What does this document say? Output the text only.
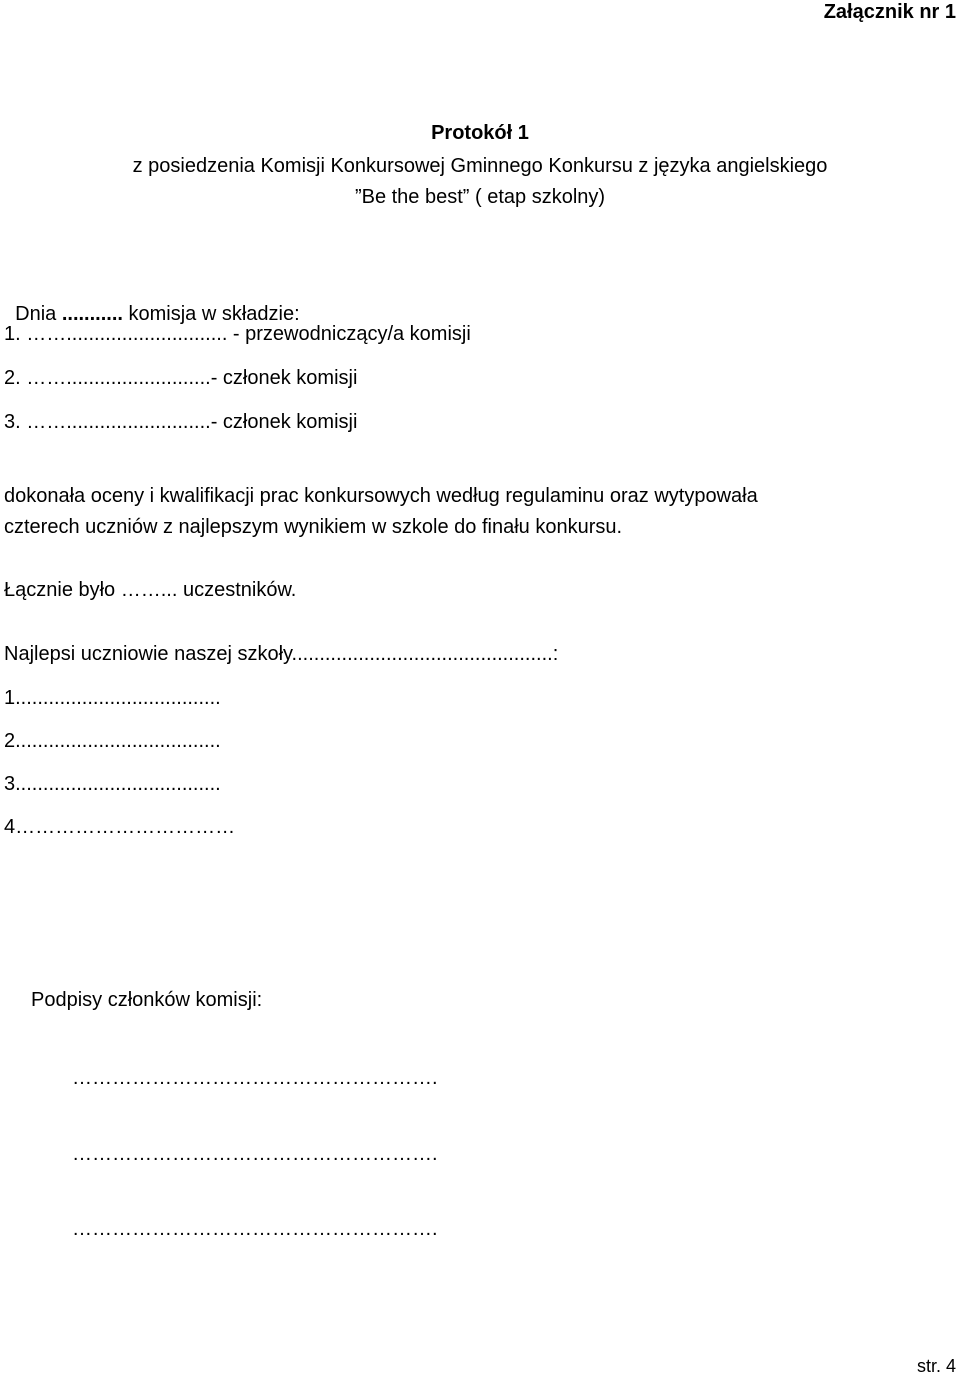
Załącznik nr 1
Protokół 1
z posiedzenia Komisji Konkursowej Gminnego Konkursu z języka angielskiego
”Be the best” ( etap szkolny)

Dnia ........... komisja w składzie:

1. ……............................. - przewodniczący/a komisji
2. ……..........................- członek komisji
3. ……..........................- członek komisji
dokonała oceny i kwalifikacji prac konkursowych według regulaminu oraz wytypowała
czterech uczniów z najlepszym wynikiem w szkole do finału konkursu.
Łącznie było ……... uczestników.
Najlepsi uczniowie naszej szkoły...............................................:
1.....................................
2.....................................
3.....................................
4……………………………
Podpisy członków komisji:
……………………………………………….
……………………………………………….
……………………………………………….
str. 4
